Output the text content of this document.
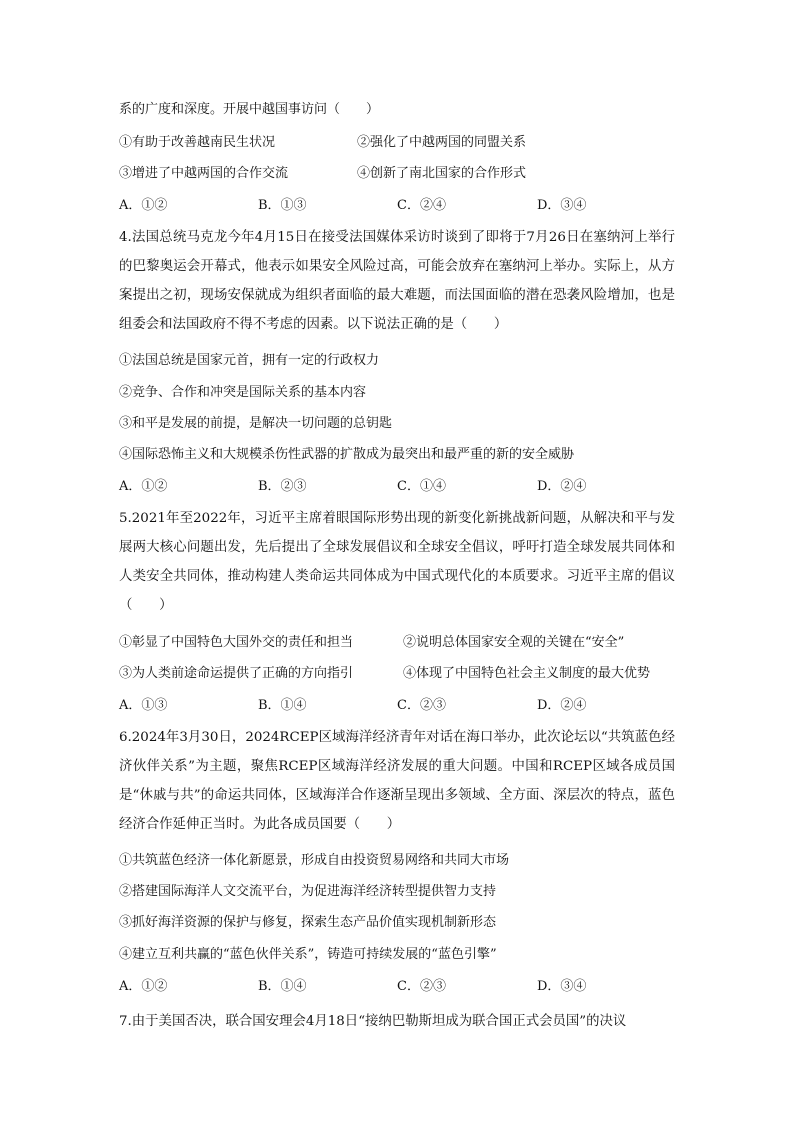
系的广度和深度。开展中越国事访问（　　）
①有助于改善越南民生状况	②强化了中越两国的同盟关系
③增进了中越两国的合作交流	④创新了南北国家的合作形式
A．①②	B．①③	C．②④	D．③④
4.法国总统马克龙今年4月15日在接受法国媒体采访时谈到了即将于7月26日在塞纳河上举行的巴黎奥运会开幕式，他表示如果安全风险过高，可能会放弃在塞纳河上举办。实际上，从方案提出之初，现场安保就成为组织者面临的最大难题，而法国面临的潜在恐袭风险增加，也是组委会和法国政府不得不考虑的因素。以下说法正确的是（　　）
①法国总统是国家元首，拥有一定的行政权力
②竞争、合作和冲突是国际关系的基本内容
③和平是发展的前提，是解决一切问题的总钥匙
④国际恐怖主义和大规模杀伤性武器的扩散成为最突出和最严重的新的安全威胁
A．①②	B．②③	C．①④	D．②④
5.2021年至2022年，习近平主席着眼国际形势出现的新变化新挑战新问题，从解决和平与发展两大核心问题出发，先后提出了全球发展倡议和全球安全倡议，呼吁打造全球发展共同体和人类安全共同体，推动构建人类命运共同体成为中国式现代化的本质要求。习近平主席的倡议（　　）
①彰显了中国特色大国外交的责任和担当	②说明总体国家安全观的关键在“安全”
③为人类前途命运提供了正确的方向指引	④体现了中国特色社会主义制度的最大优势
A．①③	B．①④	C．②③	D．②④
6.2024年3月30日，2024RCEP区域海洋经济青年对话在海口举办，此次论坛以“共筑蓝色经济伙伴关系”为主题，聚焦RCEP区域海洋经济发展的重大问题。中国和RCEP区域各成员国是“休戚与共”的命运共同体，区域海洋合作逐渐呈现出多领域、全方面、深层次的特点，蓝色经济合作延伸正当时。为此各成员国要（　　）
①共筑蓝色经济一体化新愿景，形成自由投资贸易网络和共同大市场
②搭建国际海洋人文交流平台，为促进海洋经济转型提供智力支持
③抓好海洋资源的保护与修复，探索生态产品价值实现机制新形态
④建立互利共赢的“蓝色伙伴关系”，铸造可持续发展的“蓝色引擎”
A．①②	B．①④	C．②③	D．③④
7.由于美国否决，联合国安理会4月18日“接纳巴勒斯坦成为联合国正式会员国”的决议
